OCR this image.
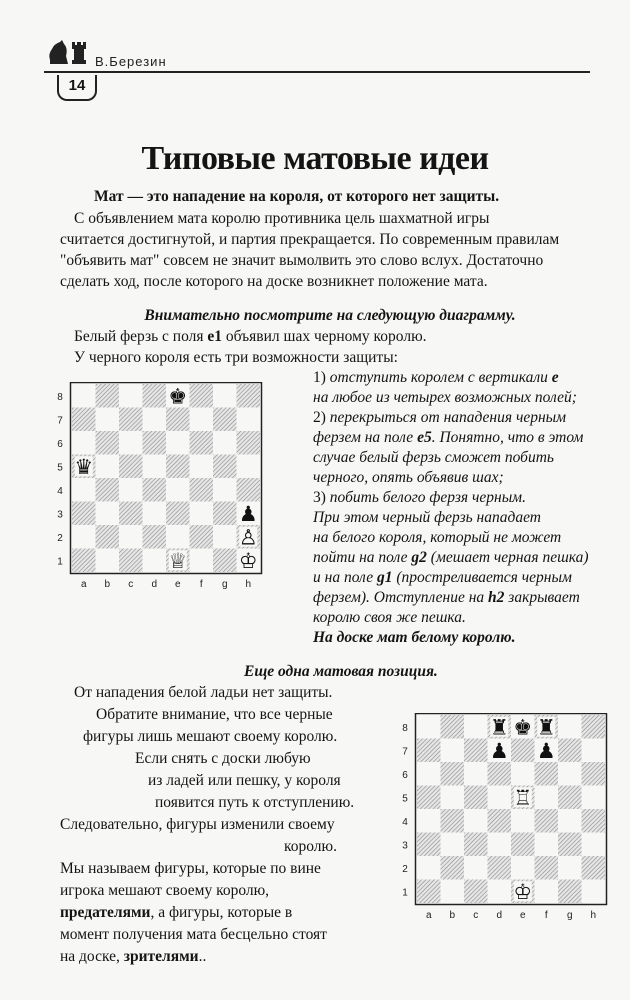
В.Березин
14
Типовые матовые идеи
Мат — это нападение на короля, от которого нет защиты.
С объявлением мата королю противника цель шахматной игры
считается достигнутой, и партия прекращается. По современным правилам
"объявить мат" совсем не значит вымолвить это слово вслух. Достаточно
сделать ход, после которого на доске возникнет положение мата.
Внимательно посмотрите на следующую диаграмму.
Белый ферзь с поля e1 объявил шах черному королю.
У черного короля есть три возможности защиты:
a b c d e f g h
1
2
3
4
5
6
7
8	♚
♛
♟
♙
♕ ♔
1) отступить королем с вертикали e
на любое из четырех возможных полей;
2) перекрыться от нападения черным
ферзем на поле e5. Понятно, что в этом
случае белый ферзь сможет побить
черного, опять объявив шах;
3) побить белого ферзя черным.
При этом черный ферзь нападает
на белого короля, который не может
пойти на поле g2 (мешает черная пешка)
и на поле g1 (простреливается черным
ферзем). Отступление на h2 закрывает
королю своя же пешка.
На доске мат белому королю.
Еще одна матовая позиция.
От нападения белой ладьи нет защиты.
Обратите внимание, что все черные
фигуры лишь мешают своему королю.
Если снять с доски любую
из ладей или пешку, у короля
появится путь к отступлению.
Следовательно, фигуры изменили своему
королю.
Мы называем фигуры, которые по вине
игрока мешают своему королю,
предателями, а фигуры, которые в
момент получения мата бесцельно стоят
на доске, зрителями..
a b c d e f g h
1
2
3
4
5
6
7
8	♜ ♚ ♜
♟ ♟
♖
♔
